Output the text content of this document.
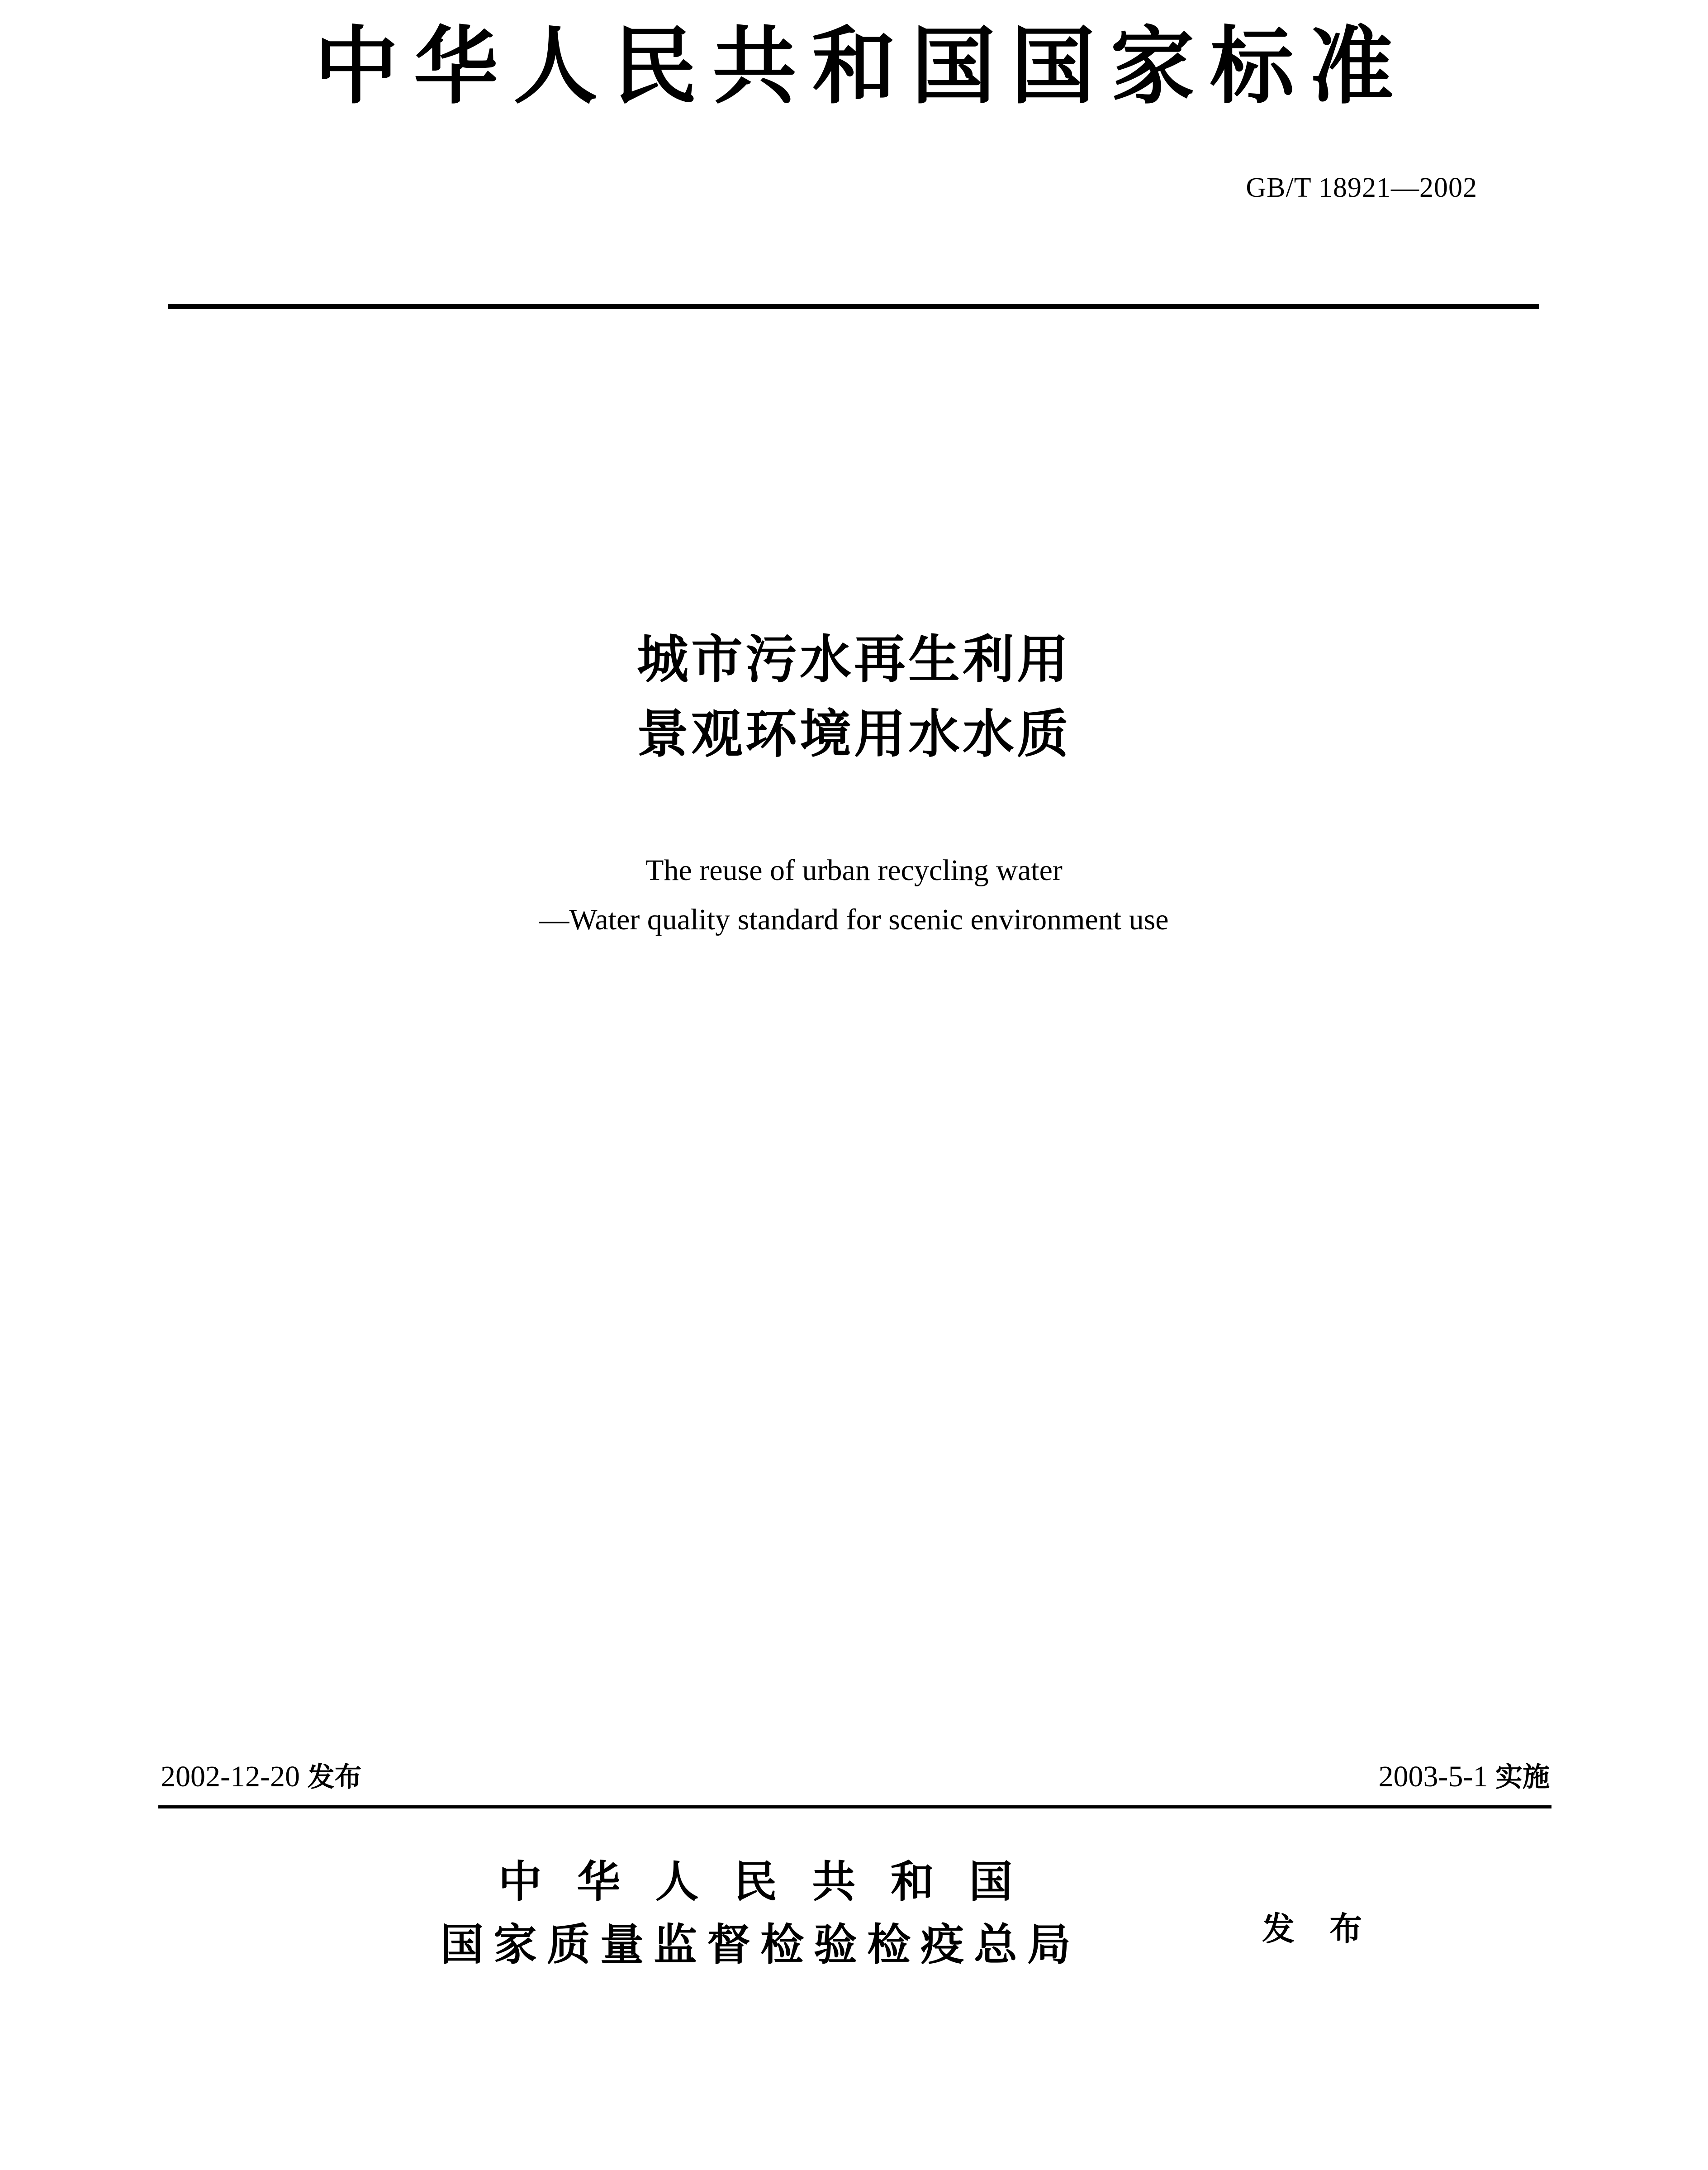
中华人民共和国国家标准
GB/T 18921—2002
城市污水再生利用
景观环境用水水质
The reuse of urban recycling water
—Water quality standard for scenic environment use
2002-12-20 发布	2003-5-1 实施
中 华 人 民 共 和 国
国家质量监督检验检疫总局	发 布
